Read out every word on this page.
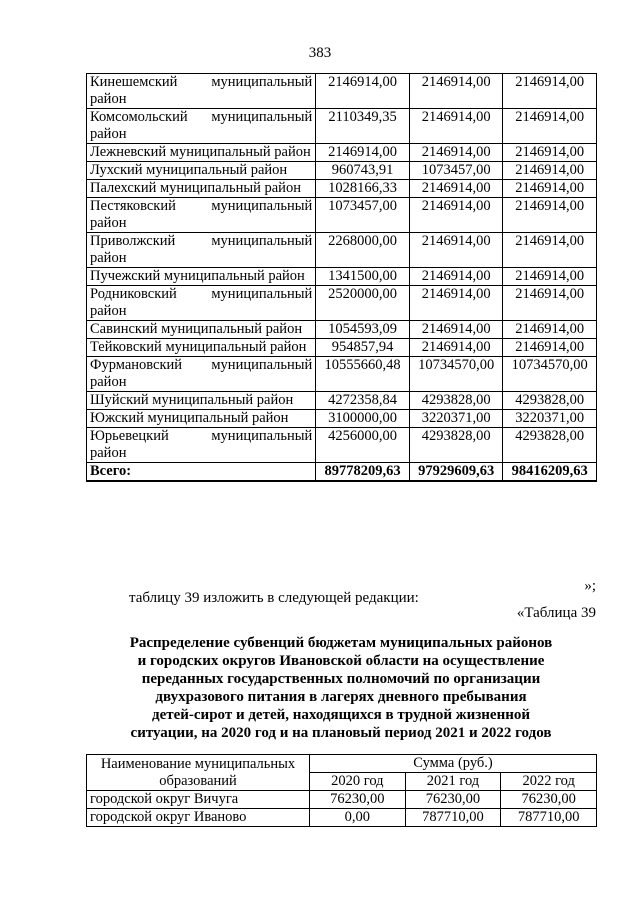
383
Кинешемский муниципальный район	2146914,00	2146914,00	2146914,00
Комсомольский муниципальный район	2110349,35	2146914,00	2146914,00
Лежневский муниципальный район	2146914,00	2146914,00	2146914,00
Лухский муниципальный район	960743,91	1073457,00	2146914,00
Палехский муниципальный район	1028166,33	2146914,00	2146914,00
Пестяковский муниципальный район	1073457,00	2146914,00	2146914,00
Приволжский муниципальный район	2268000,00	2146914,00	2146914,00
Пучежский муниципальный район	1341500,00	2146914,00	2146914,00
Родниковский муниципальный район	2520000,00	2146914,00	2146914,00
Савинский муниципальный район	1054593,09	2146914,00	2146914,00
Тейковский муниципальный район	954857,94	2146914,00	2146914,00
Фурмановский муниципальный район	10555660,48	10734570,00	10734570,00
Шуйский муниципальный район	4272358,84	4293828,00	4293828,00
Южский муниципальный район	3100000,00	3220371,00	3220371,00
Юрьевецкий муниципальный район	4256000,00	4293828,00	4293828,00
Всего:	89778209,63	97929609,63	98416209,63
»;
таблицу 39 изложить в следующей редакции:
«Таблица 39
Распределение субвенций бюджетам муниципальных районов
и городских округов Ивановской области на осуществление
переданных государственных полномочий по организации
двухразового питания в лагерях дневного пребывания
детей-сирот и детей, находящихся в трудной жизненной
ситуации, на 2020 год и на плановый период 2021 и 2022 годов
Наименование муниципальных образований	Сумма (руб.)		
	2020 год	2021 год	2022 год
городской округ Вичуга	76230,00	76230,00	76230,00
городской округ Иваново	0,00	787710,00	787710,00
